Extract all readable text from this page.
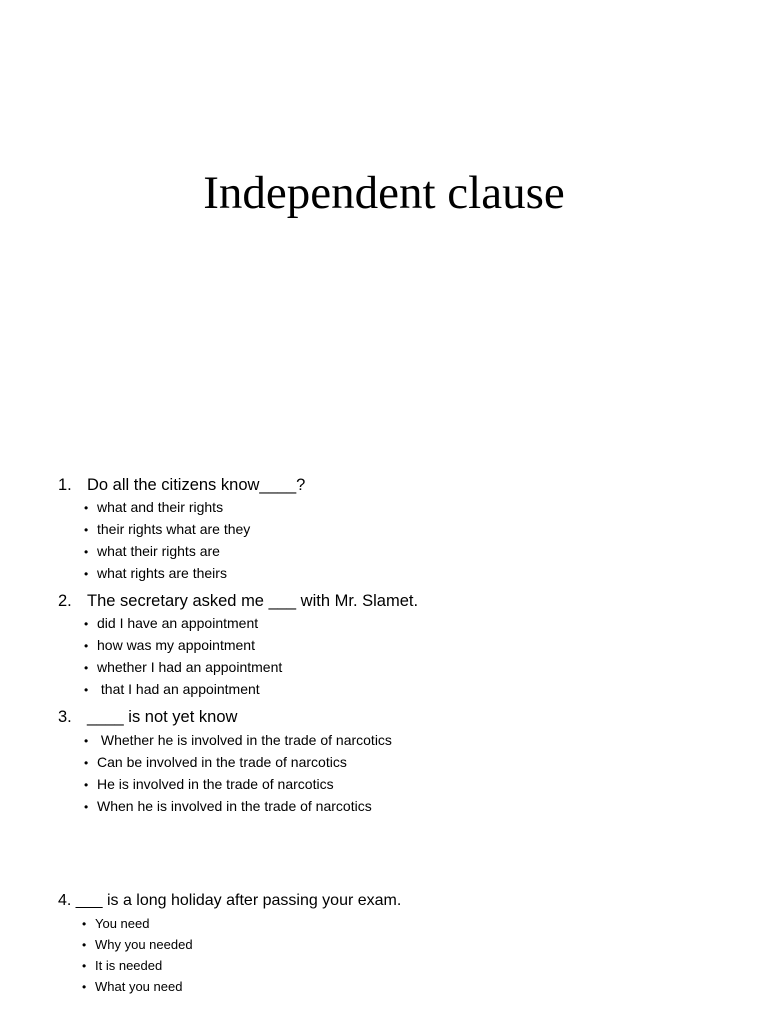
Independent clause
1. Do all the citizens know____?
• what and their rights
• their rights what are they
• what their rights are
• what rights are theirs
2. The secretary asked me ___ with Mr. Slamet.
• did I have an appointment
• how was my appointment
• whether I had an appointment
•  that I had an appointment
3. ____ is not yet know
•  Whether he is involved in the trade of narcotics
• Can be involved in the trade of narcotics
• He is involved in the trade of narcotics
• When he is involved in the trade of narcotics
4. ___ is a long holiday after passing your exam.
• You need
• Why you needed
• It is needed
• What you need
